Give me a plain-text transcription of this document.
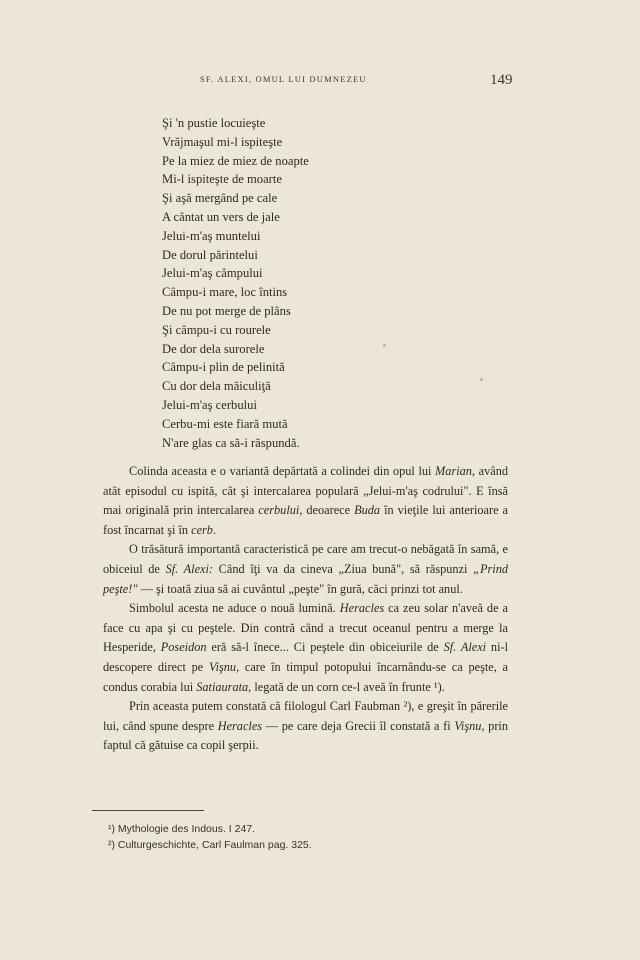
SF. ALEXI, OMUL LUI DUMNEZEU	149
Şi 'n pustie locuieşte
Vrăjmaşul mi-l ispiteşte
Pe la miez de miez de noapte
Mi-l ispiteşte de moarte
Şi aşă mergând pe cale
A cântat un vers de jale
Jelui-m'aş muntelui
De dorul părintelui
Jelui-m'aş câmpului
Câmpu-i mare, loc întins
De nu pot merge de plâns
Şi câmpu-i cu rourele
De dor dela surorele
Câmpu-i plin de pelinită
Cu dor dela măiculiţă
Jelui-m'aş cerbului
Cerbu-mi este fiară mută
N'are glas ca să-i răspundă.

Colinda aceasta e o variantă depărtată a colindei din opul lui Marian, având atât episodul cu ispită, cât şi intercalarea populară „Jelui-m'aş codrului". E însă mai originală prin intercalarea cerbului, deoarece Buda în vieţile lui anterioare a fost încarnat şi în cerb.

O trăsătură importantă caracteristică pe care am trecut-o nebăgată în samă, e obiceiul de Sf. Alexi: Când îţi va da cineva „Ziua bună", să răspunzi „Prind peşte!" — şi toată ziua să ai cuvântul „peşte" în gură, căci prinzi tot anul.

Simbolul acesta ne aduce o nouă lumină. Heracles ca zeu solar n'aveă de a face cu apa şi cu peştele. Din contră când a trecut oceanul pentru a merge la Hesperide, Poseidon eră să-l înece... Ci peştele din obiceiurile de Sf. Alexi ni-l descopere direct pe Vişnu, care în timpul potopului încarnându-se ca peşte, a condus corabia lui Satiaurata, legată de un corn ce-l aveă în frunte ¹).

Prin aceasta putem constată că filologul Carl Faubman ²), e greşit în părerile lui, când spune despre Heracles — pe care deja Grecii îl constată a fi Vişnu, prin faptul că gătuise ca copil şerpii.

¹) Mythologie des Indous. I 247.
²) Culturgeschichte, Carl Faulman pag. 325.
